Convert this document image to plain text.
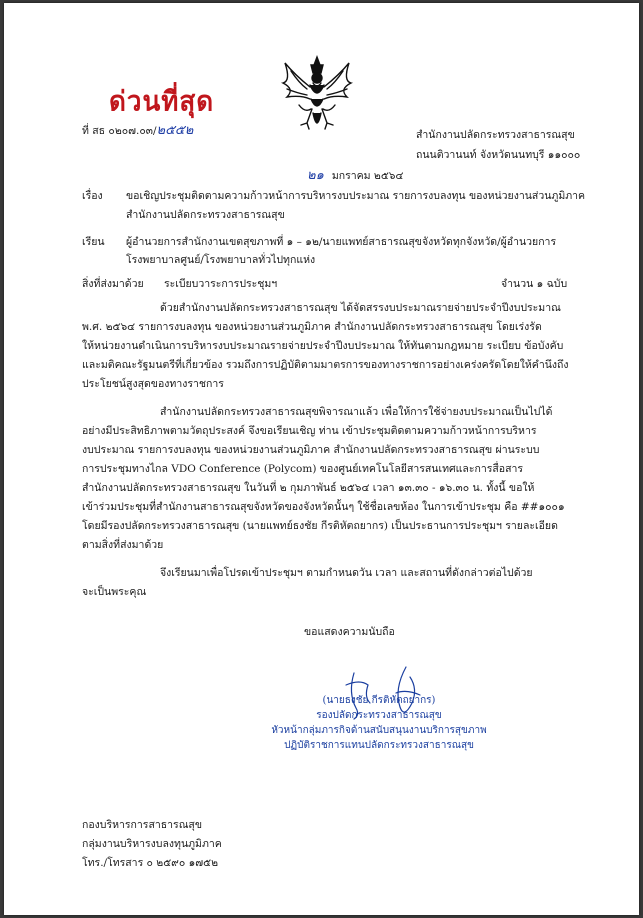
ด่วนที่สุด
ที่ สธ ๐๒๐๗.๐๓/๒๕๕๒	สำนักงานปลัดกระทรวงสาธารณสุข
ถนนติวานนท์ จังหวัดนนทบุรี ๑๑๐๐๐
๒๑ มกราคม ๒๕๖๔
เรื่อง ขอเชิญประชุมติดตามความก้าวหน้าการบริหารงบประมาณ รายการงบลงทุน ของหน่วยงานส่วนภูมิภาค
สำนักงานปลัดกระทรวงสาธารณสุข
เรียน ผู้อำนวยการสำนักงานเขตสุขภาพที่ ๑ – ๑๒/นายแพทย์สาธารณสุขจังหวัดทุกจังหวัด/ผู้อำนวยการ
โรงพยาบาลศูนย์/โรงพยาบาลทั่วไปทุกแห่ง
สิ่งที่ส่งมาด้วย ระเบียบวาระการประชุมฯ	จำนวน ๑ ฉบับ
ด้วยสำนักงานปลัดกระทรวงสาธารณสุข ได้จัดสรรงบประมาณรายจ่ายประจำปีงบประมาณ
พ.ศ. ๒๕๖๔ รายการงบลงทุน ของหน่วยงานส่วนภูมิภาค สำนักงานปลัดกระทรวงสาธารณสุข โดยเร่งรัด
ให้หน่วยงานดำเนินการบริหารงบประมาณรายจ่ายประจำปีงบประมาณ ให้ทันตามกฎหมาย ระเบียบ ข้อบังคับ
และมติคณะรัฐมนตรีที่เกี่ยวข้อง รวมถึงการปฏิบัติตามมาตรการของทางราชการอย่างเคร่งครัดโดยให้คำนึงถึง
ประโยชน์สูงสุดของทางราชการ
สำนักงานปลัดกระทรวงสาธารณสุขพิจารณาแล้ว เพื่อให้การใช้จ่ายงบประมาณเป็นไปได้
อย่างมีประสิทธิภาพตามวัตถุประสงค์ จึงขอเรียนเชิญ ท่าน เข้าประชุมติดตามความก้าวหน้าการบริหาร
งบประมาณ รายการงบลงทุน ของหน่วยงานส่วนภูมิภาค สำนักงานปลัดกระทรวงสาธารณสุข ผ่านระบบ
การประชุมทางไกล VDO Conference (Polycom) ของศูนย์เทคโนโลยีสารสนเทศและการสื่อสาร
สำนักงานปลัดกระทรวงสาธารณสุข ในวันที่ ๒ กุมภาพันธ์ ๒๕๖๔ เวลา ๑๓.๓๐ - ๑๖.๓๐ น. ทั้งนี้ ขอให้
เข้าร่วมประชุมที่สำนักงานสาธารณสุขจังหวัดของจังหวัดนั้นๆ ใช้ชื่อเลขห้อง ในการเข้าประชุม คือ ##๑๐๐๑
โดยมีรองปลัดกระทรวงสาธารณสุข (นายแพทย์ธงชัย กีรติหัตถยากร) เป็นประธานการประชุมฯ รายละเอียด
ตามสิ่งที่ส่งมาด้วย
จึงเรียนมาเพื่อโปรดเข้าประชุมฯ ตามกำหนดวัน เวลา และสถานที่ดังกล่าวต่อไปด้วย
จะเป็นพระคุณ
ขอแสดงความนับถือ
(นายธงชัย กีรติหัตถยากร)
รองปลัดกระทรวงสาธารณสุข
หัวหน้ากลุ่มภารกิจด้านสนับสนุนงานบริการสุขภาพ
ปฏิบัติราชการแทนปลัดกระทรวงสาธารณสุข
กองบริหารการสาธารณสุข
กลุ่มงานบริหารงบลงทุนภูมิภาค
โทร./โทรสาร ๐ ๒๕๙๐ ๑๗๕๒
